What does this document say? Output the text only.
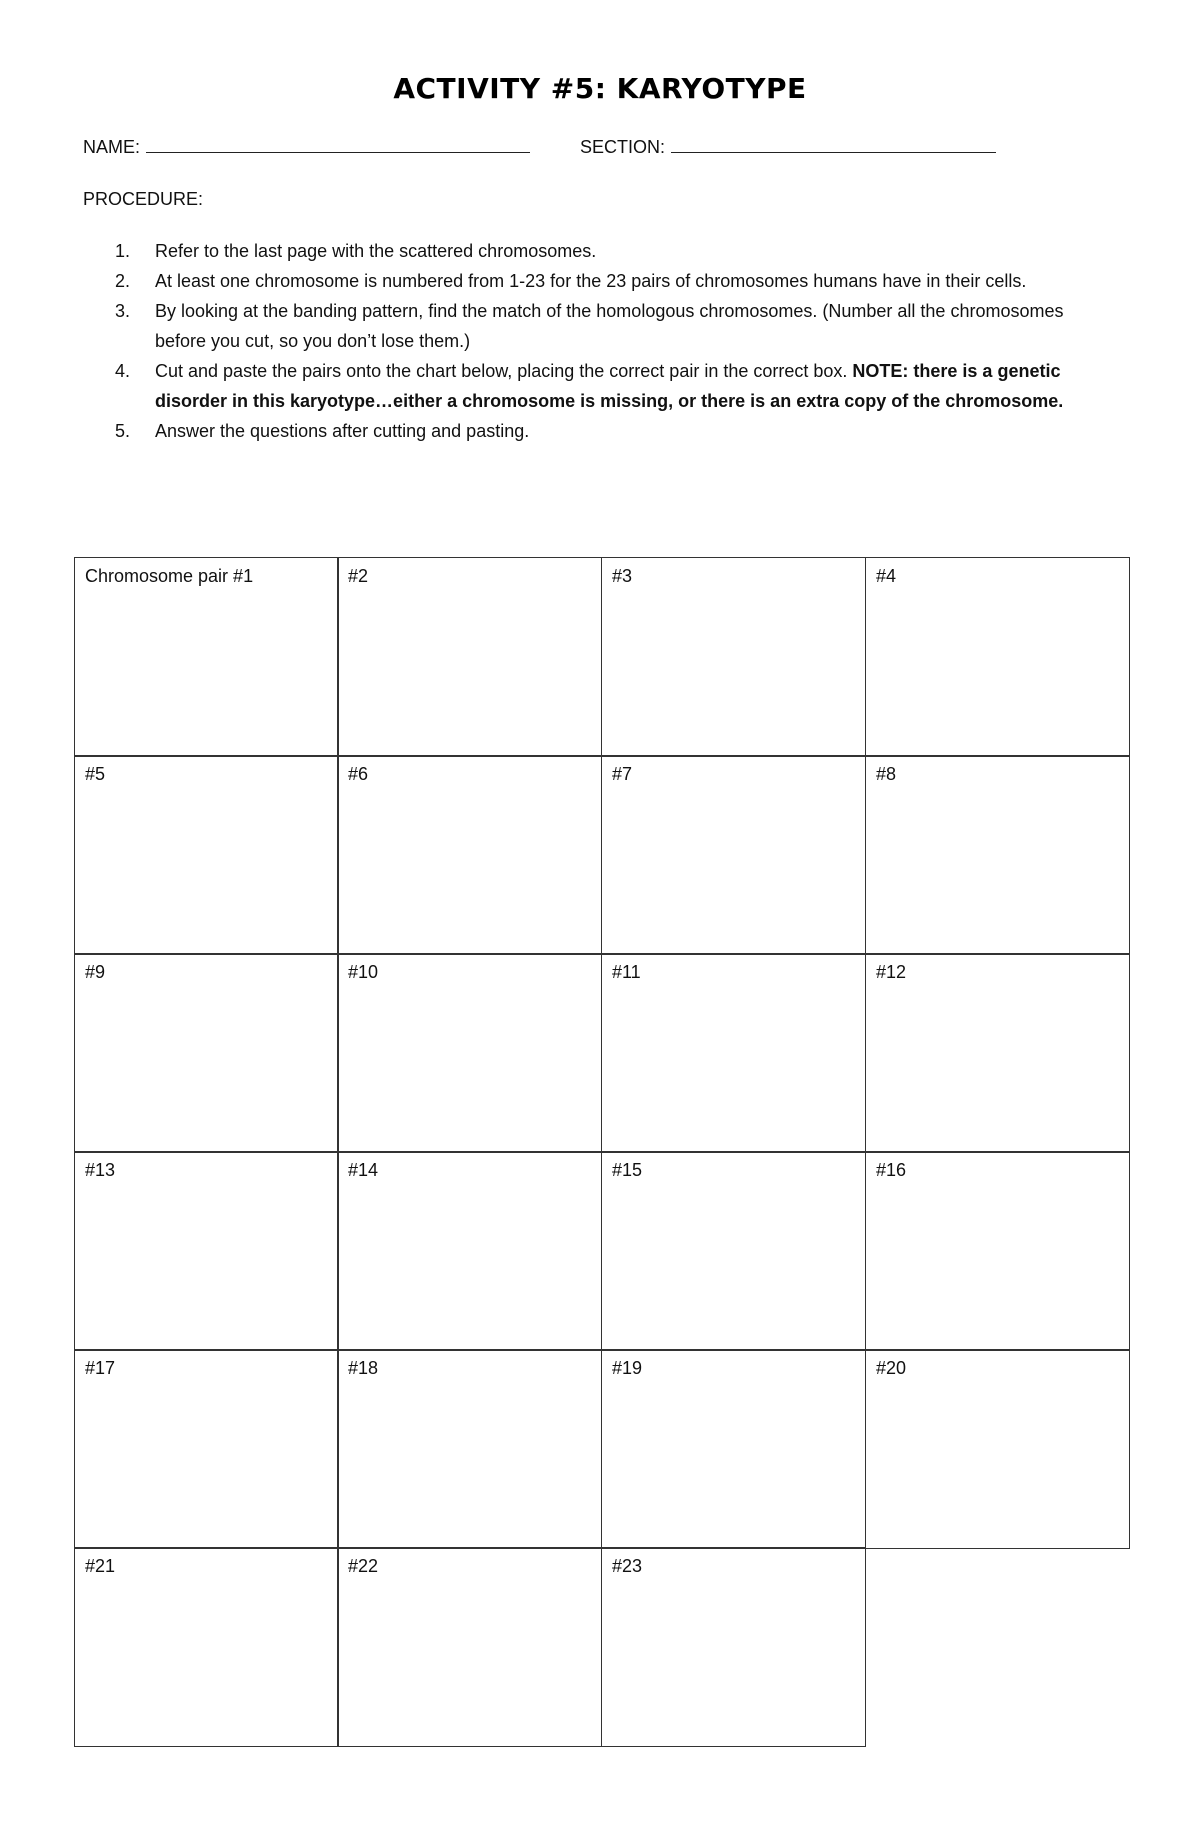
ACTIVITY #5: KARYOTYPE
NAME:	SECTION:
PROCEDURE:
1. Refer to the last page with the scattered chromosomes.
2. At least one chromosome is numbered from 1-23 for the 23 pairs of chromosomes humans have in their cells.
3. By looking at the banding pattern, find the match of the homologous chromosomes. (Number all the chromosomes before you cut, so you don’t lose them.)
4. Cut and paste the pairs onto the chart below, placing the correct pair in the correct box. NOTE: there is a genetic disorder in this karyotype…either a chromosome is missing, or there is an extra copy of the chromosome.
5. Answer the questions after cutting and pasting.
Chromosome pair #1	#2	#3	#4
#5	#6	#7	#8
#9	#10	#11	#12
#13	#14	#15	#16
#17	#18	#19	#20
#21	#22	#23
